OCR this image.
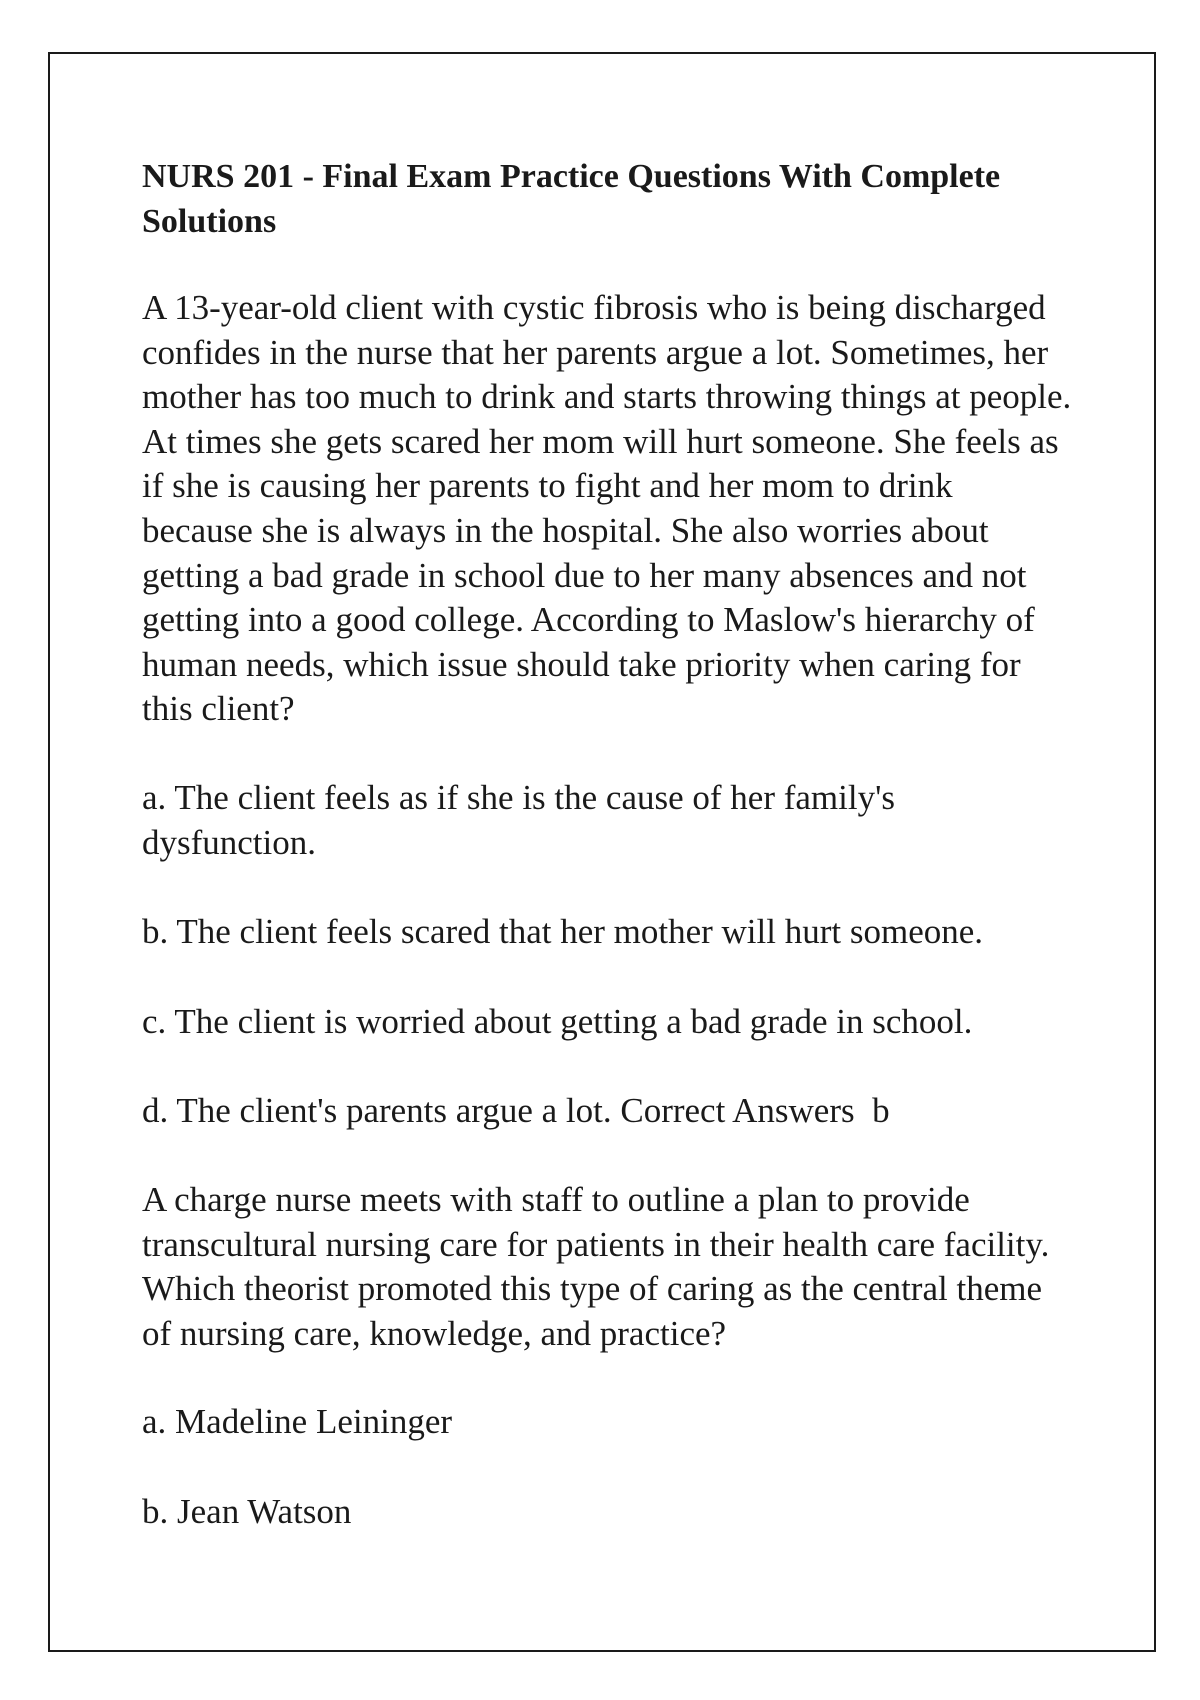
NURS 201 - Final Exam Practice Questions With Complete Solutions
A 13-year-old client with cystic fibrosis who is being discharged confides in the nurse that her parents argue a lot. Sometimes, her mother has too much to drink and starts throwing things at people. At times she gets scared her mom will hurt someone. She feels as if she is causing her parents to fight and her mom to drink because she is always in the hospital. She also worries about getting a bad grade in school due to her many absences and not getting into a good college. According to Maslow's hierarchy of human needs, which issue should take priority when caring for this client?
a. The client feels as if she is the cause of her family's dysfunction.
b. The client feels scared that her mother will hurt someone.
c. The client is worried about getting a bad grade in school.
d. The client's parents argue a lot. Correct Answers b
A charge nurse meets with staff to outline a plan to provide transcultural nursing care for patients in their health care facility. Which theorist promoted this type of caring as the central theme of nursing care, knowledge, and practice?
a. Madeline Leininger
b. Jean Watson
